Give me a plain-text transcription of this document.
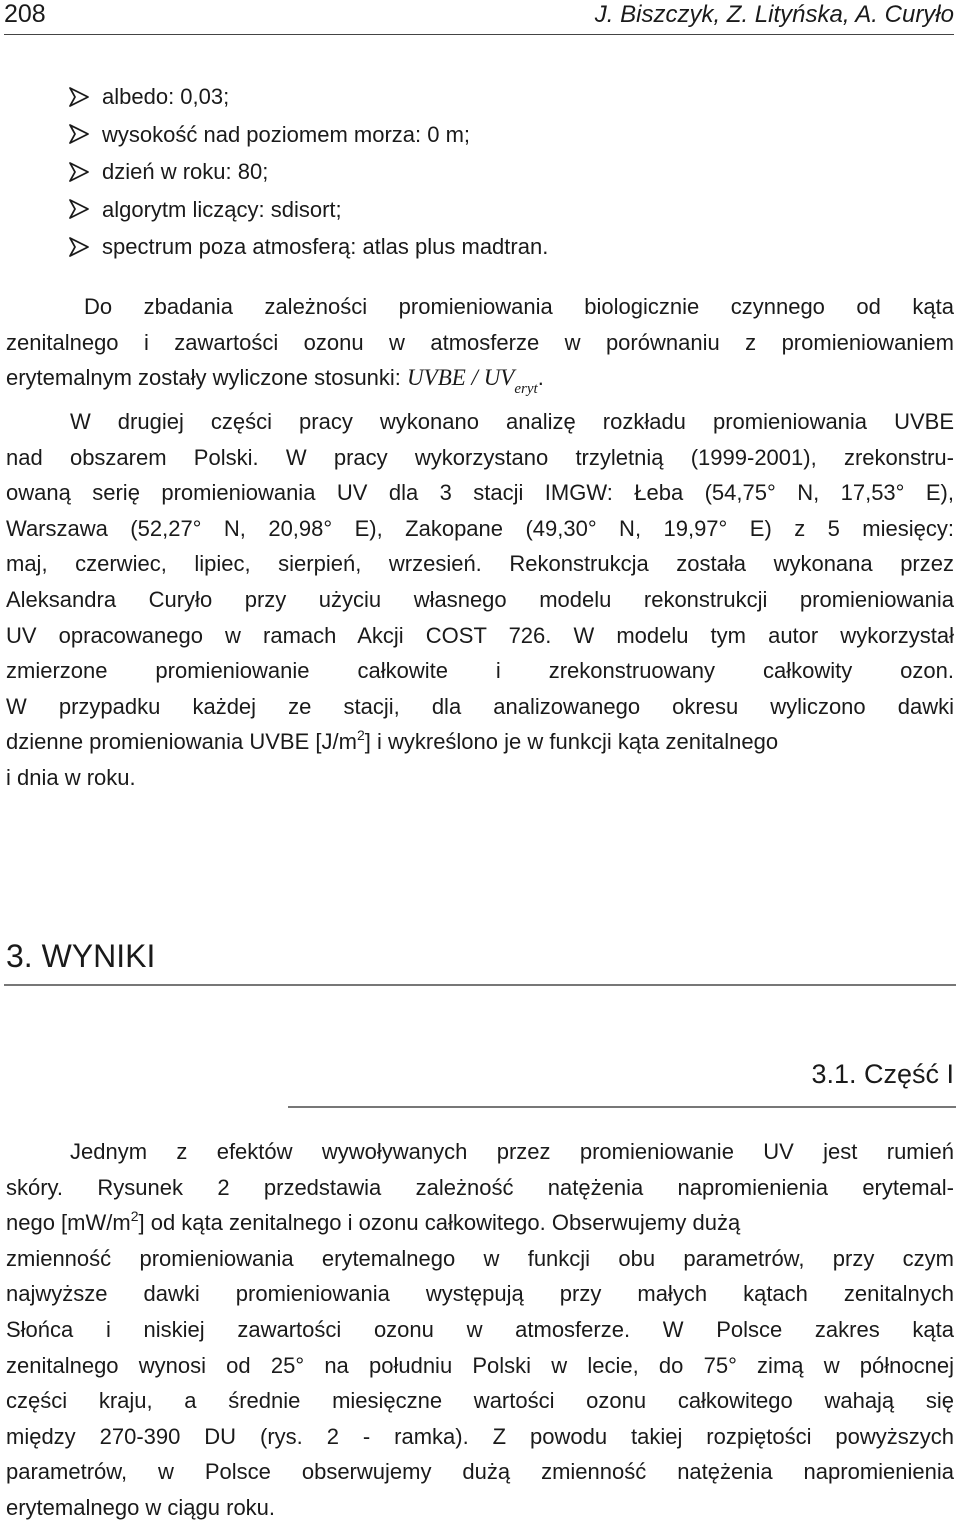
208	J. Biszczyk, Z. Lityńska, A. Curyło
albedo: 0,03;
wysokość nad poziomem morza: 0 m;
dzień w roku: 80;
algorytm liczący: sdisort;
spectrum poza atmosferą: atlas plus madtran.
Do zbadania zależności promieniowania biologicznie czynnego od kąta
zenitalnego i zawartości ozonu w atmosferze w porównaniu z promieniowaniem
erytemalnym zostały wyliczone stosunki: UVBE / $UV_{eryt}$.
W drugiej części pracy wykonano analizę rozkładu promieniowania UVBE
nad obszarem Polski. W pracy wykorzystano trzyletnią (1999-2001), zrekonstru-
owaną serię promieniowania UV dla 3 stacji IMGW: Łeba (54,75° N, 17,53° E),
Warszawa (52,27° N, 20,98° E), Zakopane (49,30° N, 19,97° E) z 5 miesięcy:
maj, czerwiec, lipiec, sierpień, wrzesień. Rekonstrukcja została wykonana przez
Aleksandra Curyło przy użyciu własnego modelu rekonstrukcji promieniowania
UV opracowanego w ramach Akcji COST 726. W modelu tym autor wykorzystał
zmierzone promieniowanie całkowite i zrekonstruowany całkowity ozon.
W przypadku każdej ze stacji, dla analizowanego okresu wyliczono dawki
dzienne promieniowania UVBE $[J/m^2]$ i wykreślono je w funkcji kąta zenitalnego
i dnia w roku.
3. WYNIKI
3.1. Część I
Jednym z efektów wywoływanych przez promieniowanie UV jest rumień
skóry. Rysunek 2 przedstawia zależność natężenia napromienienia erytemal-
nego $[mW/m^2]$ od kąta zenitalnego i ozonu całkowitego. Obserwujemy dużą
zmienność promieniowania erytemalnego w funkcji obu parametrów, przy czym
najwyższe dawki promieniowania występują przy małych kątach zenitalnych
Słońca i niskiej zawartości ozonu w atmosferze. W Polsce zakres kąta
zenitalnego wynosi od 25° na południu Polski w lecie, do 75° zimą w północnej
części kraju, a średnie miesięczne wartości ozonu całkowitego wahają się
między 270-390 DU (rys. 2 - ramka). Z powodu takiej rozpiętości powyższych
parametrów, w Polsce obserwujemy dużą zmienność natężenia napromienienia
erytemalnego w ciągu roku.
